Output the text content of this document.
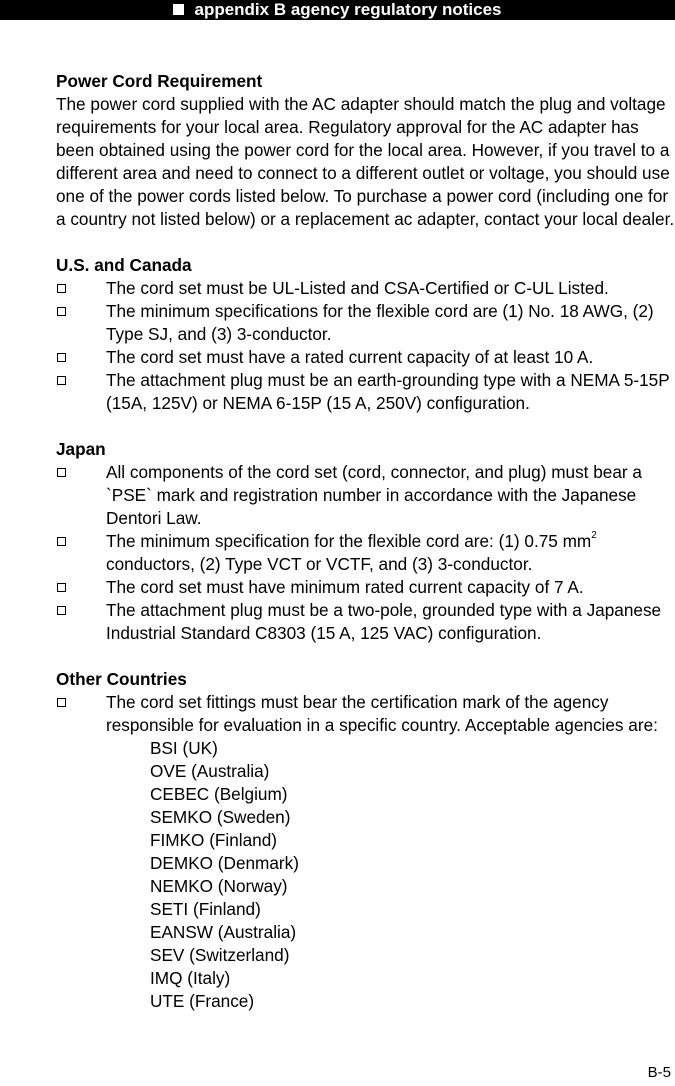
appendix B agency regulatory notices

Power Cord Requirement

The power cord supplied with the AC adapter should match the plug and voltage requirements for your local area. Regulatory approval for the AC adapter has been obtained using the power cord for the local area. However, if you travel to a different area and need to connect to a different outlet or voltage, you should use one of the power cords listed below. To purchase a power cord (including one for a country not listed below) or a replacement ac adapter, contact your local dealer.

U.S. and Canada

The cord set must be UL-Listed and CSA-Certified or C-UL Listed.
The minimum specifications for the flexible cord are (1) No. 18 AWG, (2) Type SJ, and (3) 3-conductor.
The cord set must have a rated current capacity of at least 10 A.
The attachment plug must be an earth-grounding type with a NEMA 5-15P (15A, 125V) or NEMA 6-15P (15 A, 250V) configuration.

Japan

All components of the cord set (cord, connector, and plug) must bear a `PSE` mark and registration number in accordance with the Japanese Dentori Law.
The minimum specification for the flexible cord are: (1) 0.75 $mm^2$ conductors, (2) Type VCT or VCTF, and (3) 3-conductor.
The cord set must have minimum rated current capacity of 7 A.
The attachment plug must be a two-pole, grounded type with a Japanese Industrial Standard C8303 (15 A, 125 VAC) configuration.

Other Countries

The cord set fittings must bear the certification mark of the agency responsible for evaluation in a specific country. Acceptable agencies are:
BSI (UK)
OVE (Australia)
CEBEC (Belgium)
SEMKO (Sweden)
FIMKO (Finland)
DEMKO (Denmark)
NEMKO (Norway)
SETI (Finland)
EANSW (Australia)
SEV (Switzerland)
IMQ (Italy)
UTE (France)
B-5
